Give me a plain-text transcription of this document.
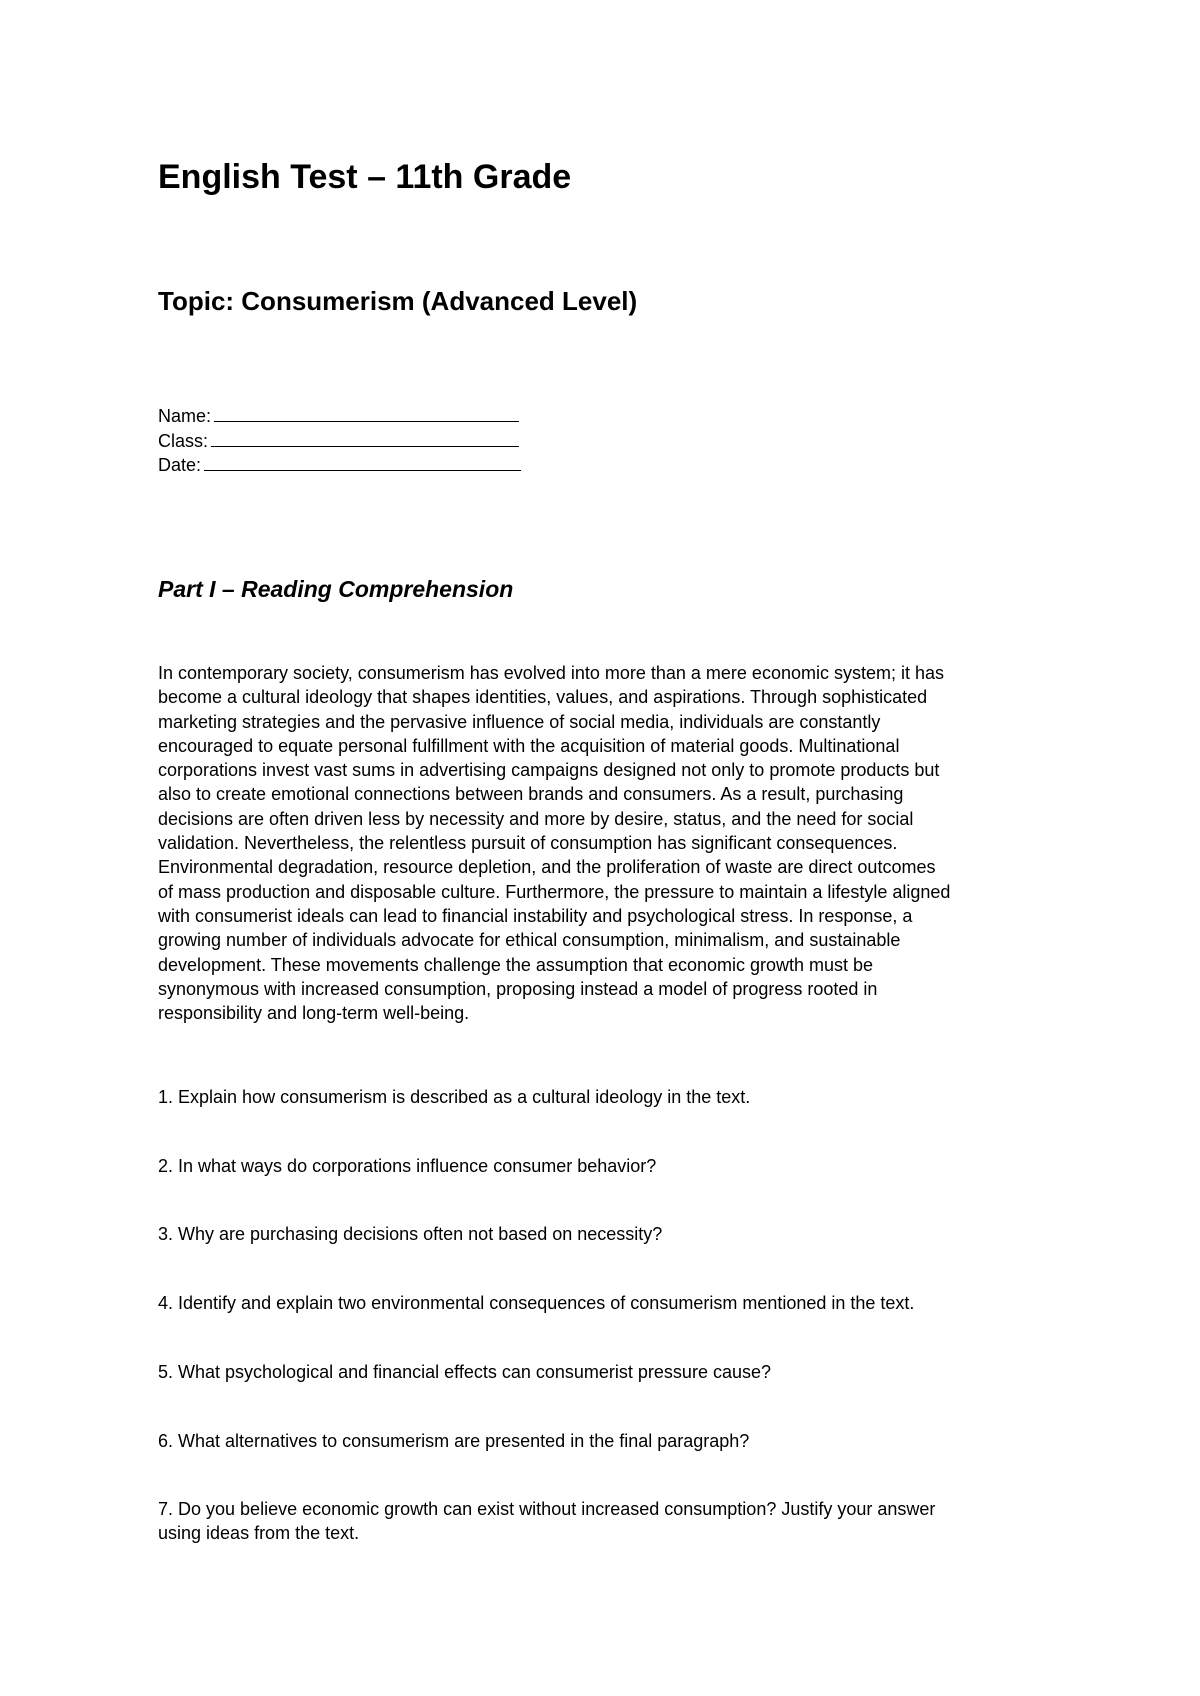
English Test – 11th Grade
Topic: Consumerism (Advanced Level)
Name:
Class:
Date:
Part I – Reading Comprehension

In contemporary society, consumerism has evolved into more than a mere economic system; it has
become a cultural ideology that shapes identities, values, and aspirations. Through sophisticated
marketing strategies and the pervasive influence of social media, individuals are constantly
encouraged to equate personal fulfillment with the acquisition of material goods. Multinational
corporations invest vast sums in advertising campaigns designed not only to promote products but
also to create emotional connections between brands and consumers. As a result, purchasing
decisions are often driven less by necessity and more by desire, status, and the need for social
validation. Nevertheless, the relentless pursuit of consumption has significant consequences.
Environmental degradation, resource depletion, and the proliferation of waste are direct outcomes
of mass production and disposable culture. Furthermore, the pressure to maintain a lifestyle aligned
with consumerist ideals can lead to financial instability and psychological stress. In response, a
growing number of individuals advocate for ethical consumption, minimalism, and sustainable
development. These movements challenge the assumption that economic growth must be
synonymous with increased consumption, proposing instead a model of progress rooted in
responsibility and long-term well-being.

1. Explain how consumerism is described as a cultural ideology in the text.

2. In what ways do corporations influence consumer behavior?

3. Why are purchasing decisions often not based on necessity?

4. Identify and explain two environmental consequences of consumerism mentioned in the text.

5. What psychological and financial effects can consumerist pressure cause?

6. What alternatives to consumerism are presented in the final paragraph?

7. Do you believe economic growth can exist without increased consumption? Justify your answer
using ideas from the text.
